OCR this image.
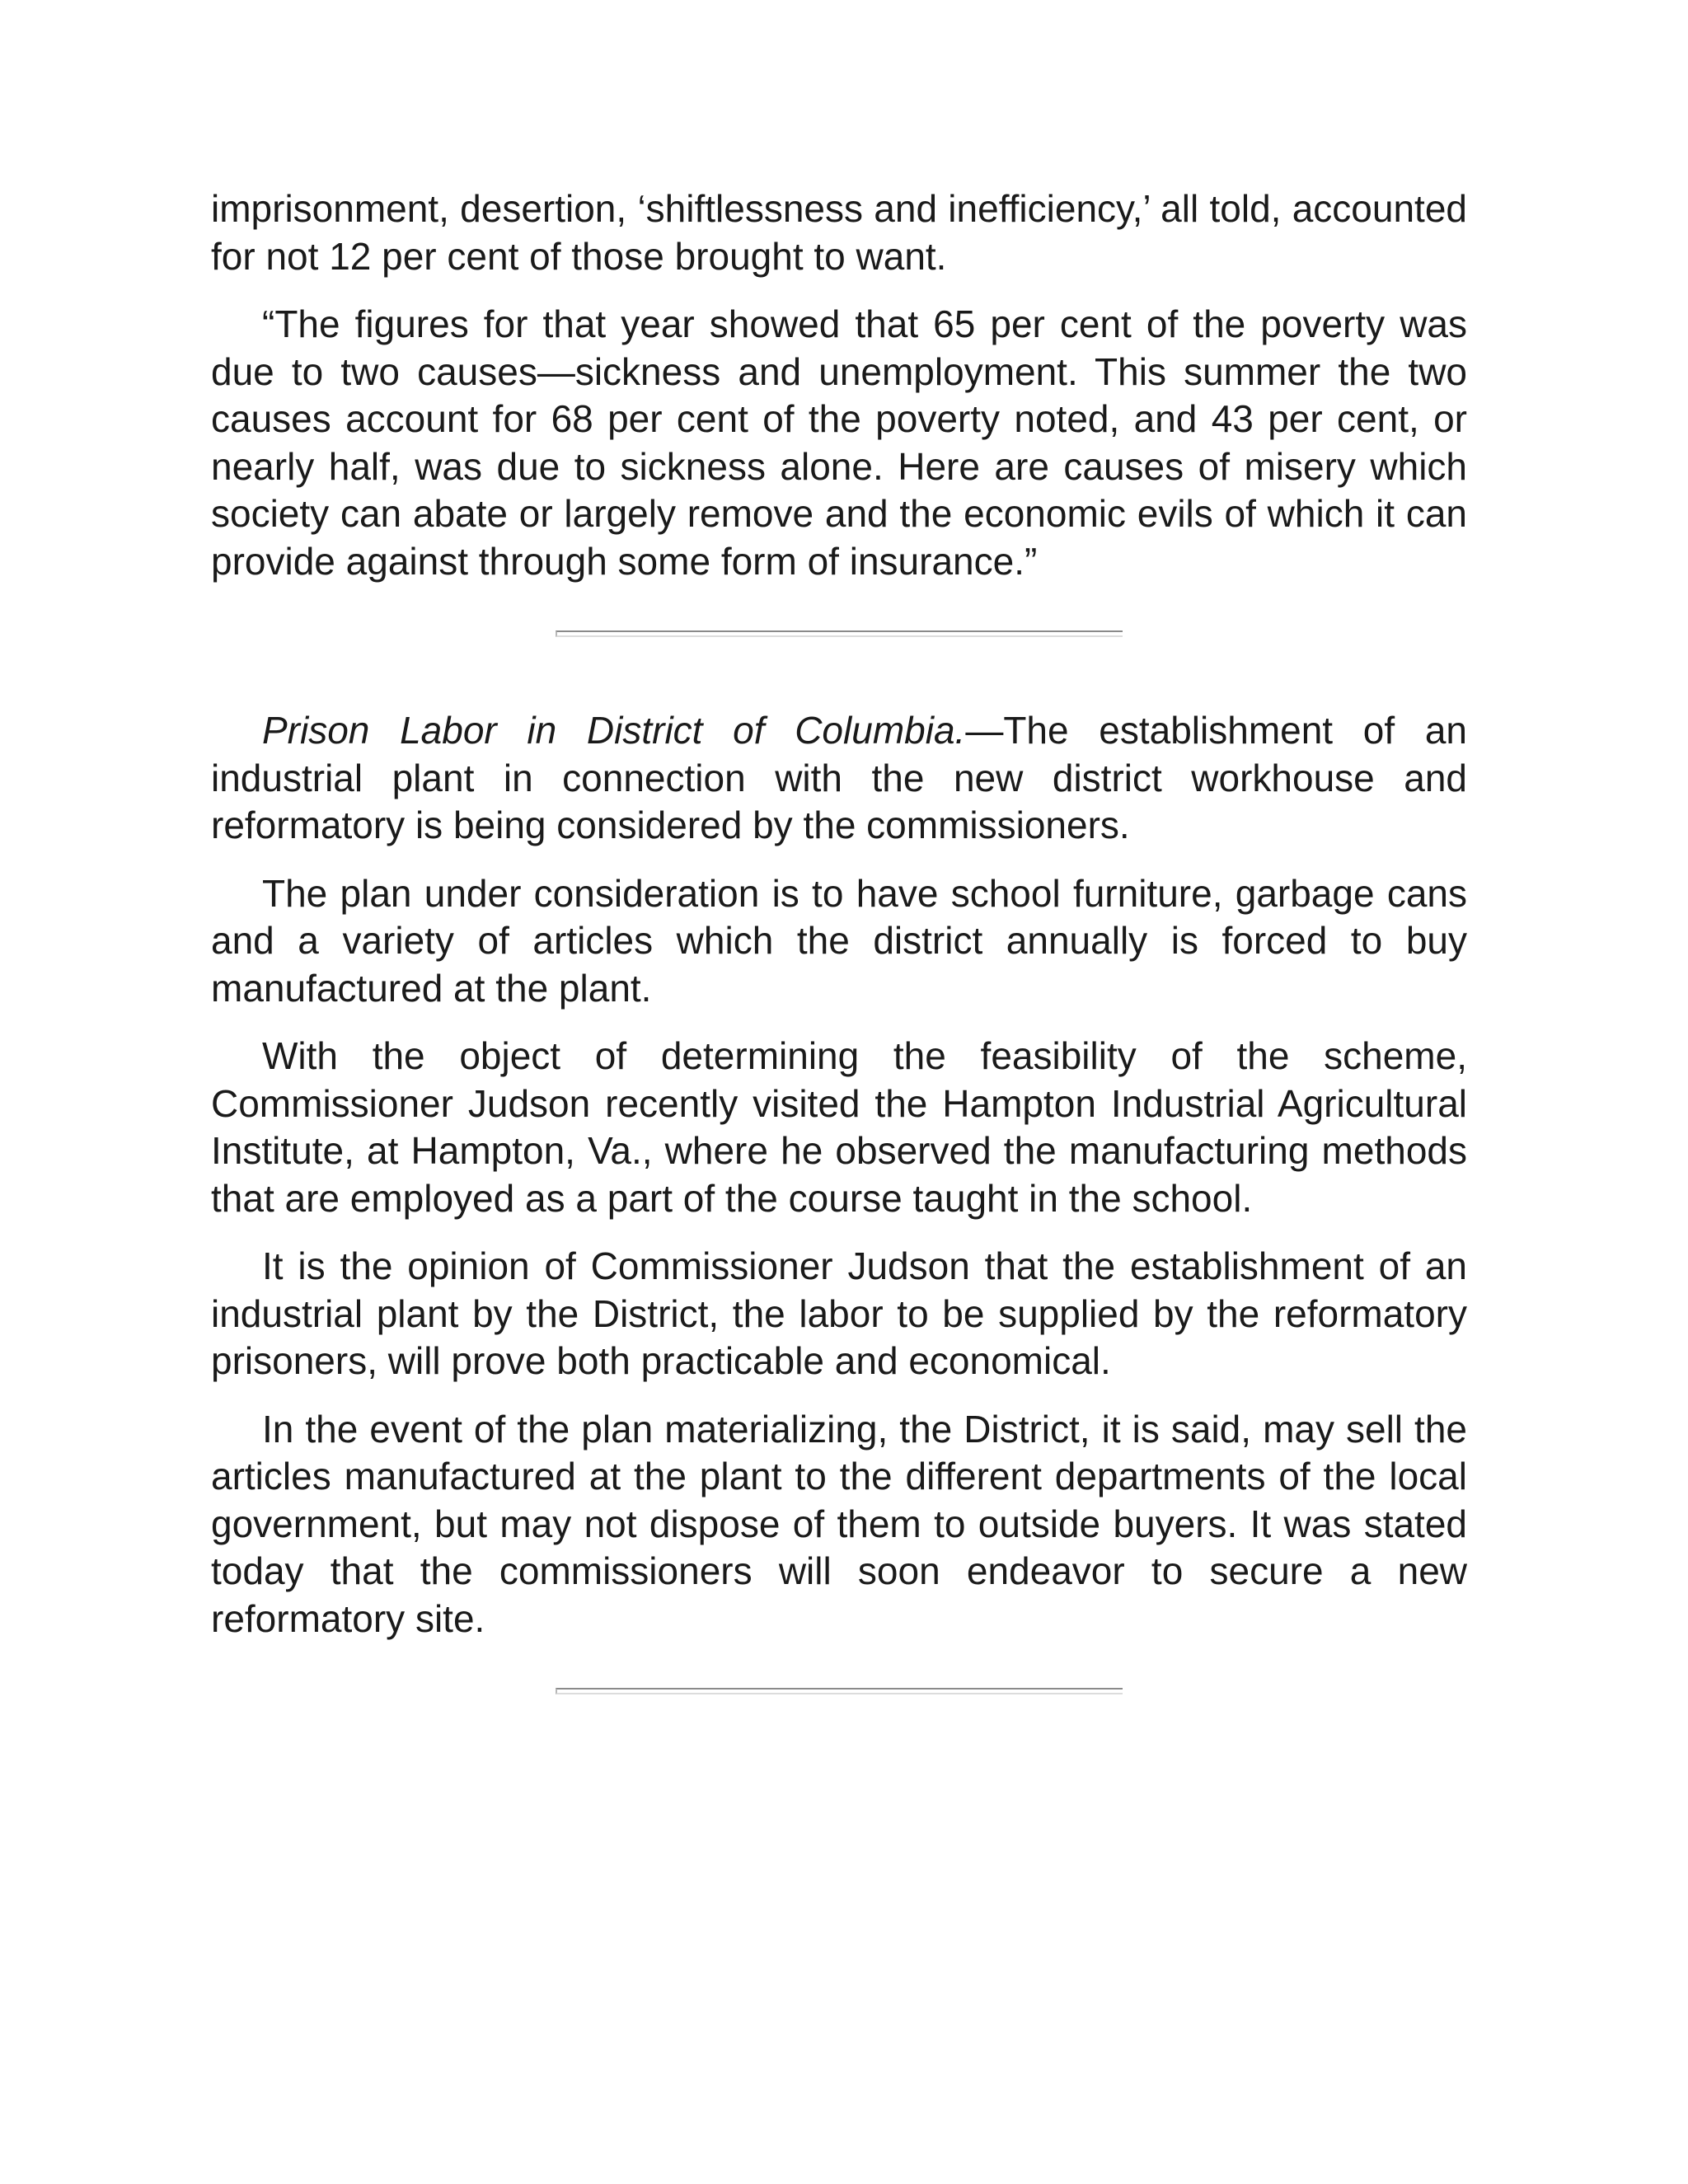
imprisonment, desertion, ‘shiftlessness and inefficiency,’ all told, accounted for not 12 per cent of those brought to want.

“The figures for that year showed that 65 per cent of the poverty was due to two causes—sickness and unemployment. This summer the two causes account for 68 per cent of the poverty noted, and 43 per cent, or nearly half, was due to sickness alone. Here are causes of misery which society can abate or largely remove and the economic evils of which it can provide against through some form of insurance.”

Prison Labor in District of Columbia.—The establishment of an industrial plant in connection with the new district workhouse and reformatory is being considered by the commissioners.

The plan under consideration is to have school furniture, garbage cans and a variety of articles which the district annually is forced to buy manufactured at the plant.

With the object of determining the feasibility of the scheme, Commissioner Judson recently visited the Hampton Industrial Agricultural Institute, at Hampton, Va., where he observed the manufacturing methods that are employed as a part of the course taught in the school.

It is the opinion of Commissioner Judson that the establishment of an industrial plant by the District, the labor to be supplied by the reformatory prisoners, will prove both practicable and economical.

In the event of the plan materializing, the District, it is said, may sell the articles manufactured at the plant to the different departments of the local government, but may not dispose of them to outside buyers. It was stated today that the commissioners will soon endeavor to secure a new reformatory site.
